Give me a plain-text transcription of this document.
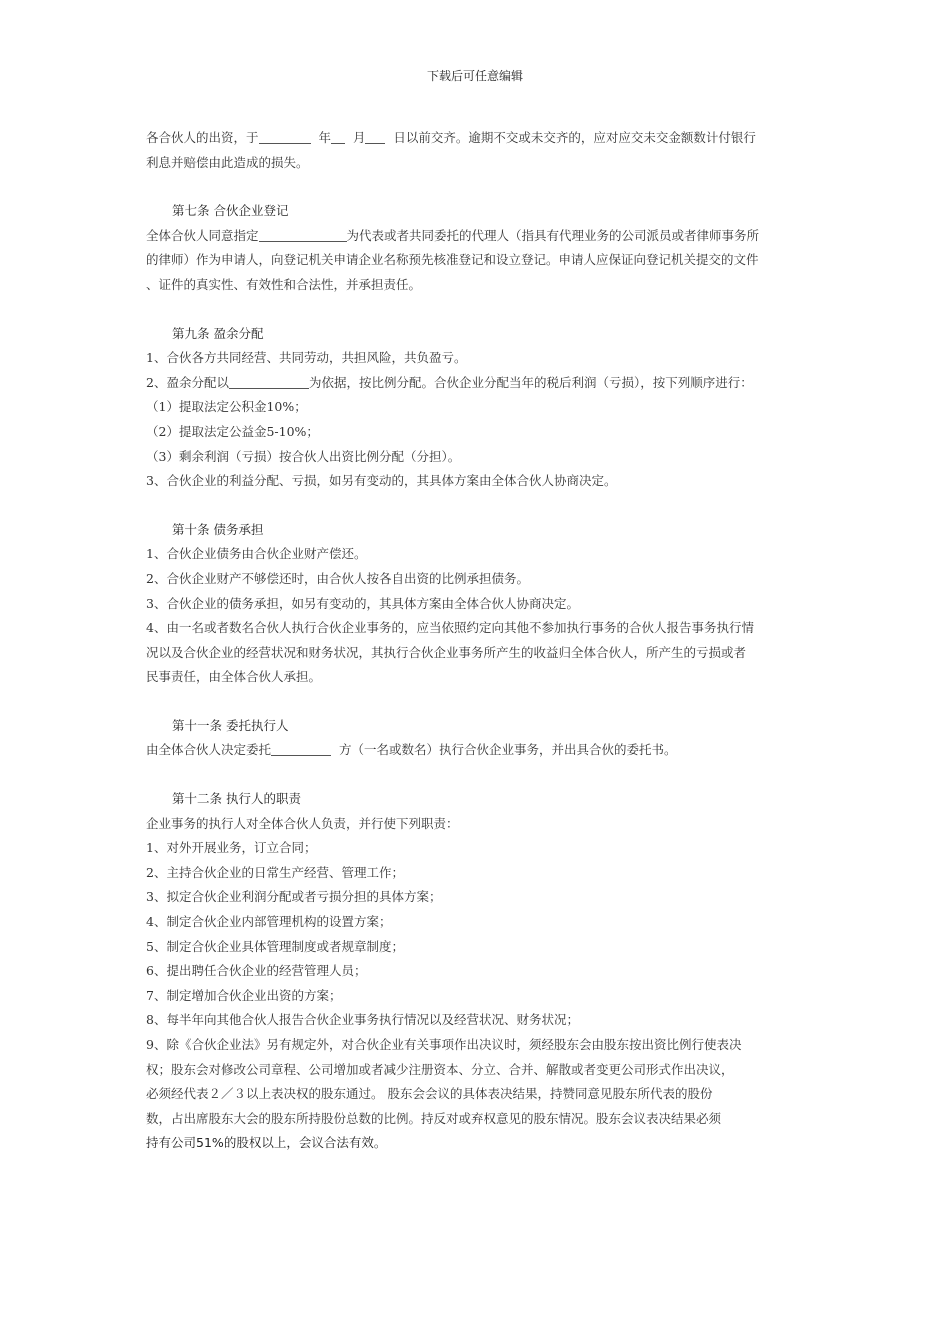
下载后可任意编辑

各合伙人的出资，于	年 月 日以前交齐。逾期不交或未交齐的，应对应交未交金额数计付银行

利息并赔偿由此造成的损失。

第七条 合伙企业登记

全体合伙人同意指定	为代表或者共同委托的代理人（指具有代理业务的公司派员或者律师事务所

的律师）作为申请人，向登记机关申请企业名称预先核准登记和设立登记。申请人应保证向登记机关提交的文件

、证件的真实性、有效性和合法性，并承担责任。

第九条 盈余分配

1、合伙各方共同经营、共同劳动，共担风险，共负盈亏。

2、盈余分配以	为依据，按比例分配。合伙企业分配当年的税后利润（亏损），按下列顺序进行：

（1）提取法定公积金10%；

（2）提取法定公益金5-10%；

（3）剩余利润（亏损）按合伙人出资比例分配（分担）。

3、合伙企业的利益分配、亏损，如另有变动的，其具体方案由全体合伙人协商决定。

第十条 债务承担

1、合伙企业债务由合伙企业财产偿还。

2、合伙企业财产不够偿还时，由合伙人按各自出资的比例承担债务。

3、合伙企业的债务承担，如另有变动的，其具体方案由全体合伙人协商决定。

4、由一名或者数名合伙人执行合伙企业事务的，应当依照约定向其他不参加执行事务的合伙人报告事务执行情

况以及合伙企业的经营状况和财务状况，其执行合伙企业事务所产生的收益归全体合伙人，所产生的亏损或者

民事责任，由全体合伙人承担。

第十一条 委托执行人

由全体合伙人决定委托	方（一名或数名）执行合伙企业事务，并出具合伙的委托书。

第十二条 执行人的职责

企业事务的执行人对全体合伙人负责，并行使下列职责：

1、对外开展业务，订立合同；

2、主持合伙企业的日常生产经营、管理工作；

3、拟定合伙企业利润分配或者亏损分担的具体方案；

4、制定合伙企业内部管理机构的设置方案；

5、制定合伙企业具体管理制度或者规章制度；

6、提出聘任合伙企业的经营管理人员；

7、制定增加合伙企业出资的方案；

8、每半年向其他合伙人报告合伙企业事务执行情况以及经营状况、财务状况；

9、除《合伙企业法》另有规定外，对合伙企业有关事项作出决议时，须经股东会由股东按出资比例行使表决

权；股东会对修改公司章程、公司增加或者减少注册资本、分立、合并、解散或者变更公司形式作出决议，

必须经代表２／３以上表决权的股东通过。 股东会会议的具体表决结果，持赞同意见股东所代表的股份

数，占出席股东大会的股东所持股份总数的比例。持反对或弃权意见的股东情况。股东会议表决结果必须

持有公司51%的股权以上，会议合法有效。
